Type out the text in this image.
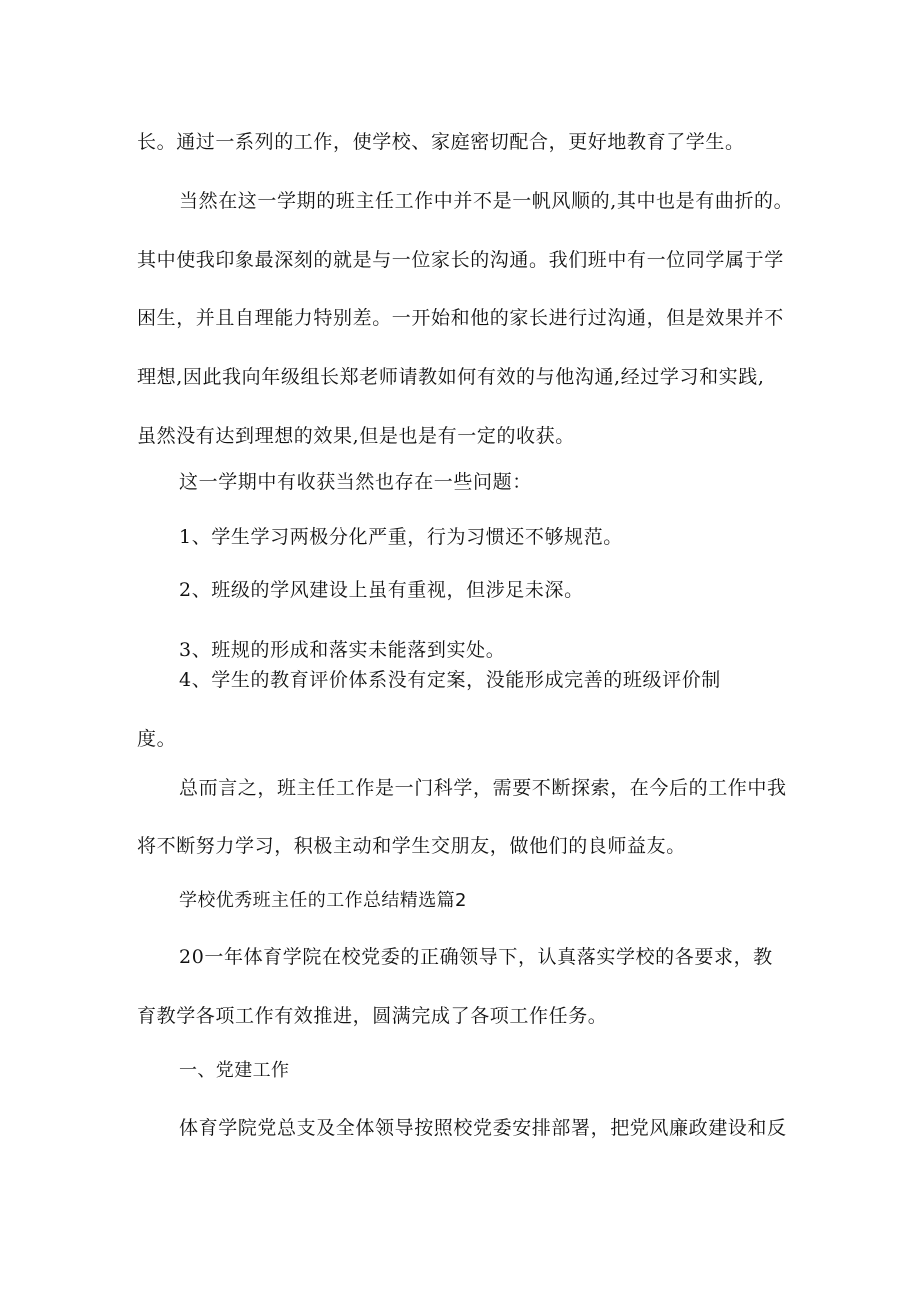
长。通过一系列的工作，使学校、家庭密切配合，更好地教育了学生。

当然在这一学期的班主任工作中并不是一帆风顺的,其中也是有曲折的。

其中使我印象最深刻的就是与一位家长的沟通。我们班中有一位同学属于学

困生，并且自理能力特别差。一开始和他的家长进行过沟通，但是效果并不

理想,因此我向年级组长郑老师请教如何有效的与他沟通,经过学习和实践,

虽然没有达到理想的效果,但是也是有一定的收获。

这一学期中有收获当然也存在一些问题：

1、学生学习两极分化严重，行为习惯还不够规范。

2、班级的学风建设上虽有重视，但涉足未深。

3、班规的形成和落实未能落到实处。

4、学生的教育评价体系没有定案，没能形成完善的班级评价制

度。

总而言之，班主任工作是一门科学，需要不断探索，在今后的工作中我

将不断努力学习，积极主动和学生交朋友，做他们的良师益友。

学校优秀班主任的工作总结精选篇2

20一年体育学院在校党委的正确领导下，认真落实学校的各要求，教

育教学各项工作有效推进，圆满完成了各项工作任务。

一、党建工作

体育学院党总支及全体领导按照校党委安排部署，把党风廉政建设和反
